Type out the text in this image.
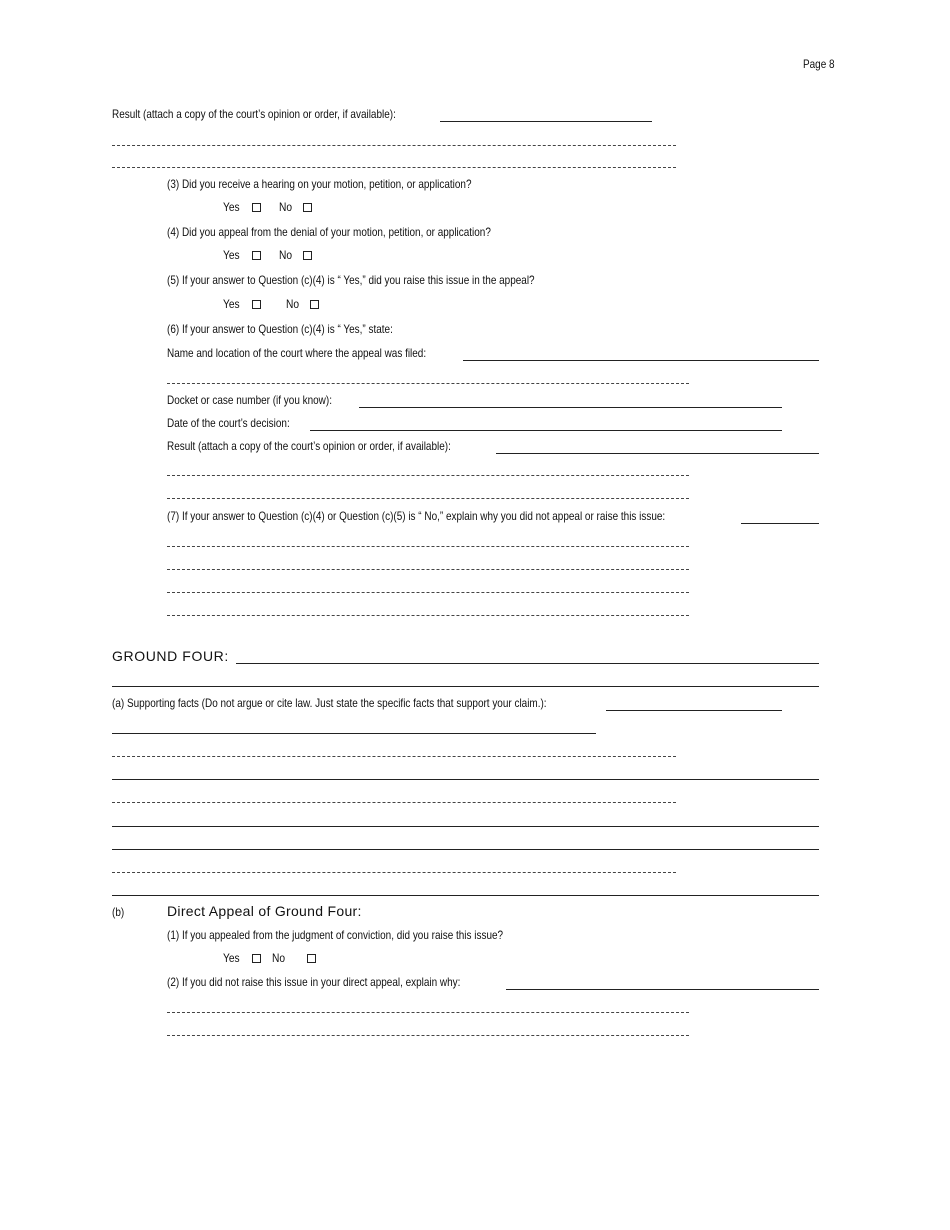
Page 8
Result (attach a copy of the court’s opinion or order, if available):
(3) Did you receive a hearing on your motion, petition, or application?
Yes	No
(4) Did you appeal from the denial of your motion, petition, or application?
Yes	No
(5) If your answer to Question (c)(4) is “ Yes,” did you raise this issue in the appeal?
Yes	No
(6) If your answer to Question (c)(4) is “ Yes,” state:
Name and location of the court where the appeal was filed:
Docket or case number (if you know):
Date of the court’s decision:
Result (attach a copy of the court’s opinion or order, if available):
(7) If your answer to Question (c)(4) or Question (c)(5) is “ No,” explain why you did not appeal or raise this issue:
GROUND FOUR:
(a) Supporting facts (Do not argue or cite law. Just state the specific facts that support your claim.):
(b)	Direct Appeal of Ground Four:
(1) If you appealed from the judgment of conviction, did you raise this issue?
Yes	No
(2) If you did not raise this issue in your direct appeal, explain why:
